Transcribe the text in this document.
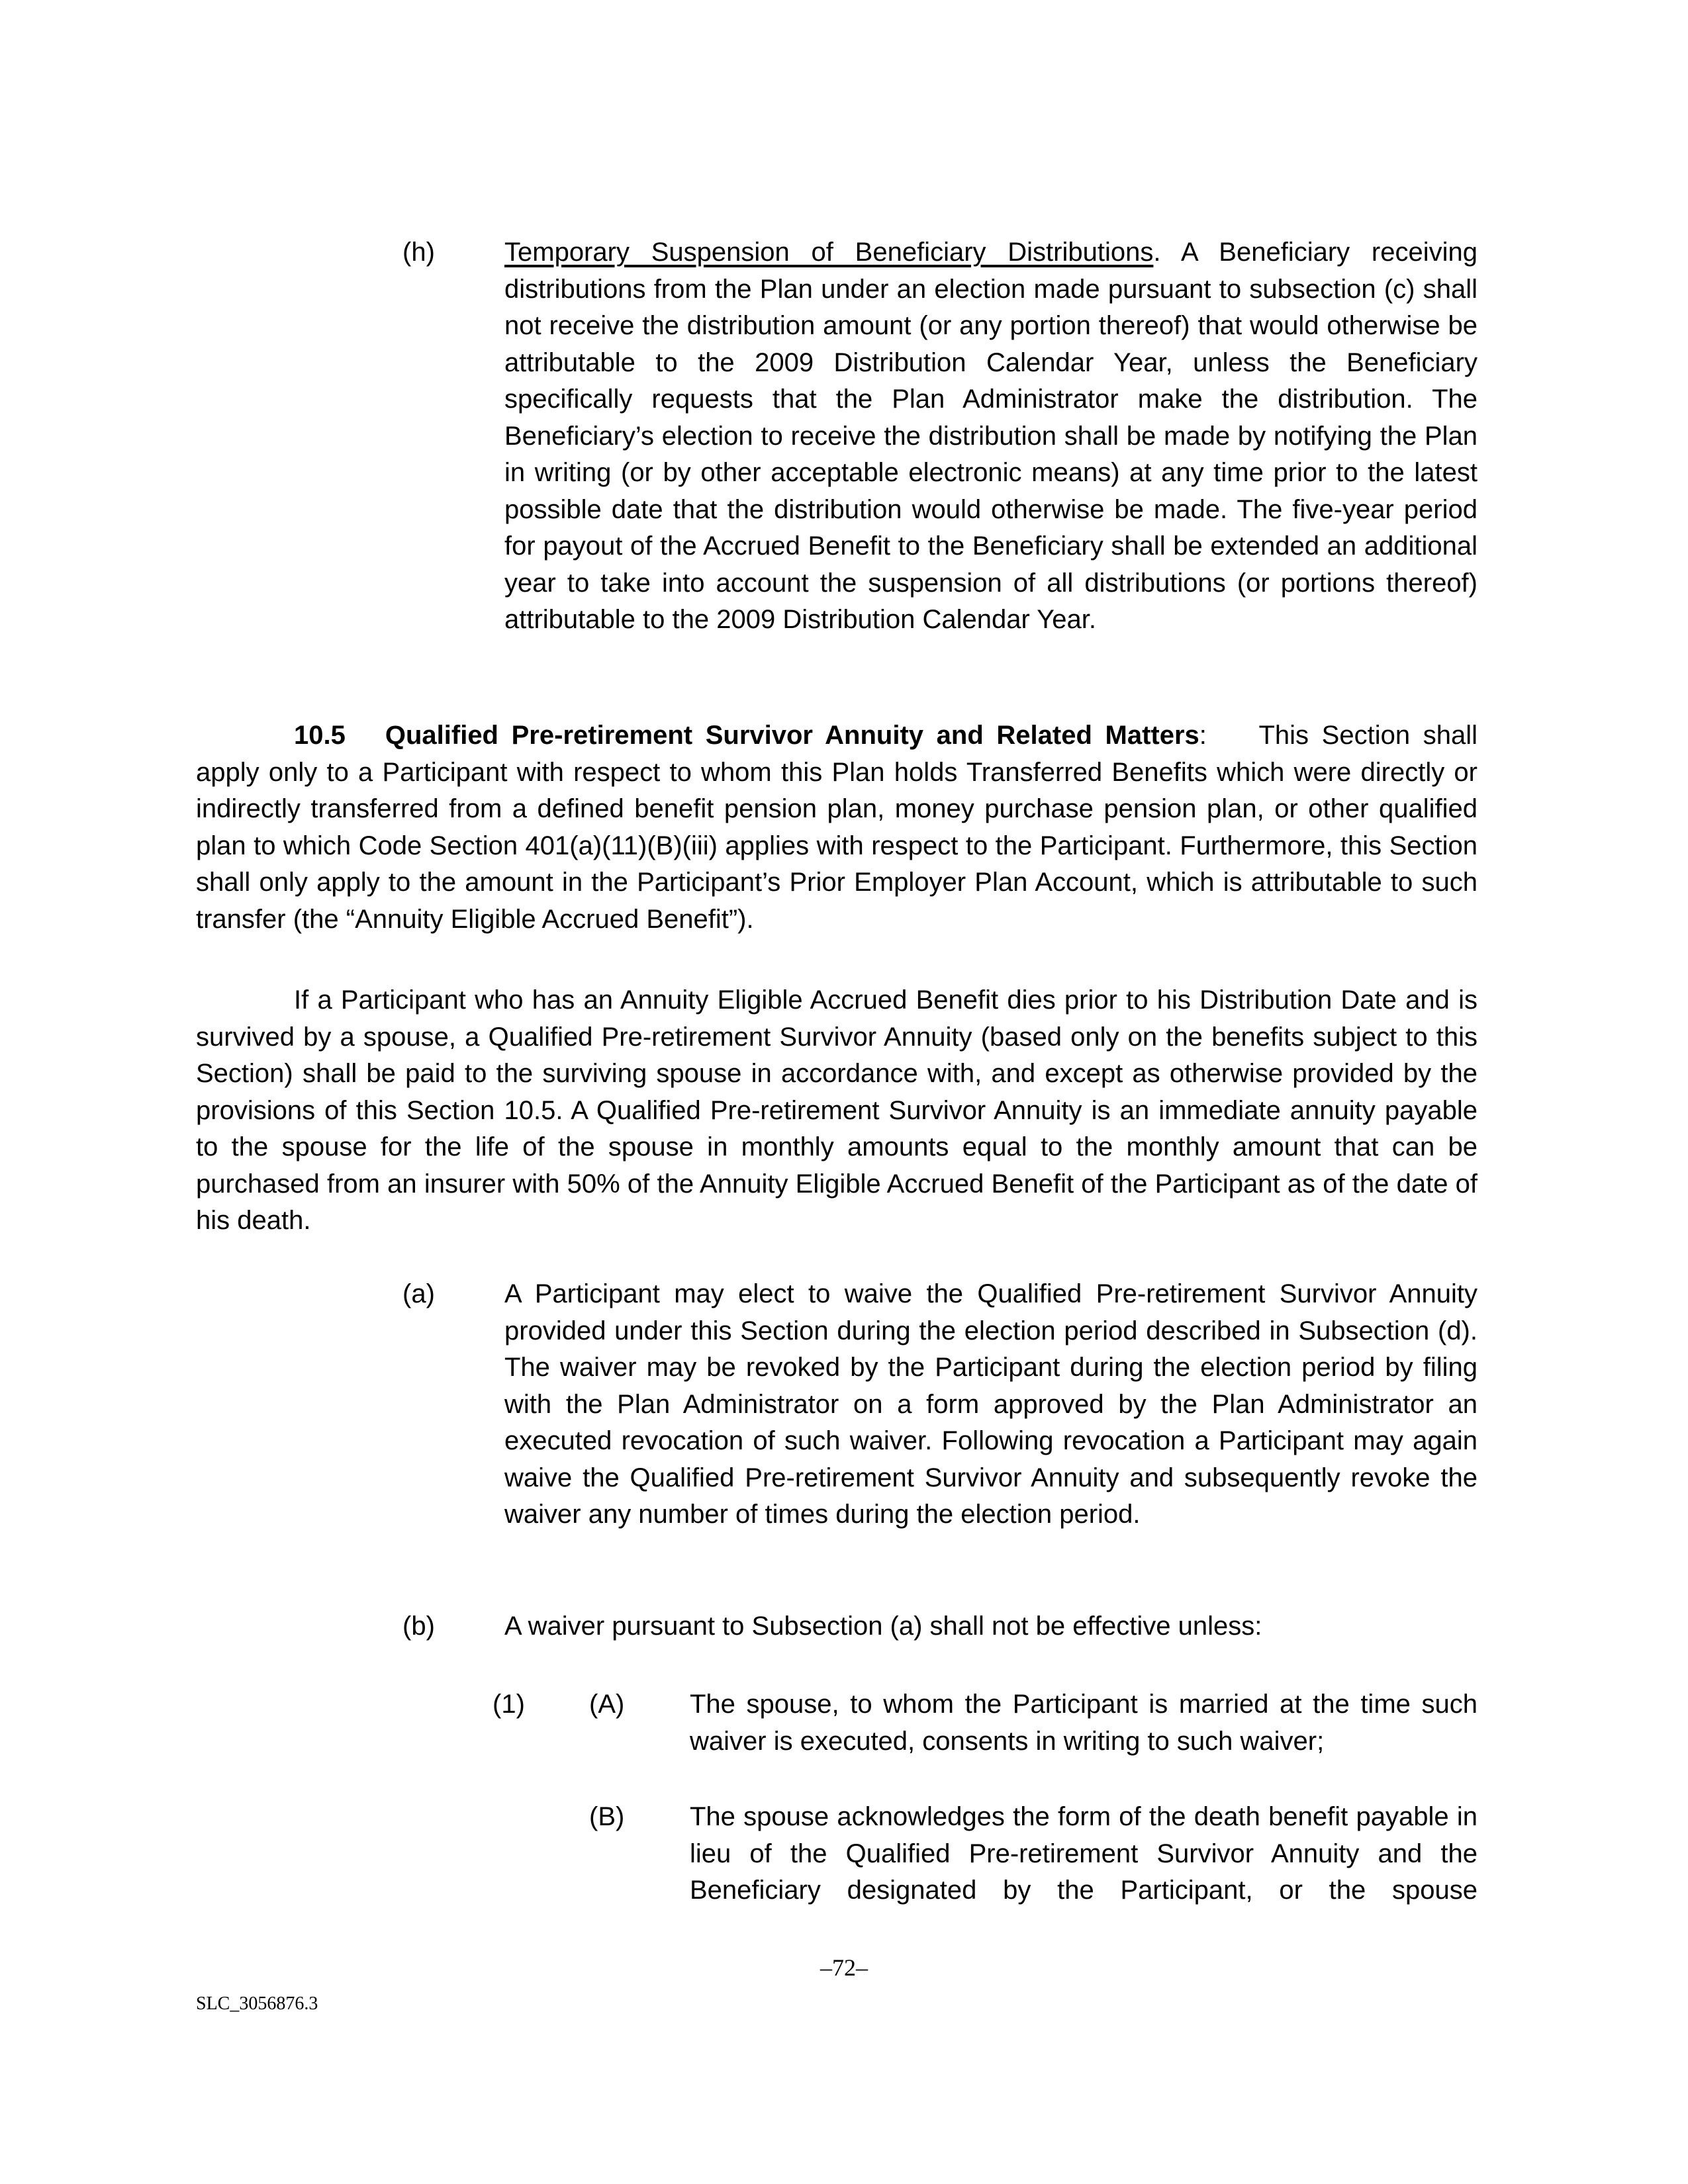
(h)	Temporary Suspension of Beneficiary Distributions. A Beneficiary receiving distributions from the Plan under an election made pursuant to subsection (c) shall not receive the distribution amount (or any portion thereof) that would otherwise be attributable to the 2009 Distribution Calendar Year, unless the Beneficiary specifically requests that the Plan Administrator make the distribution. The Beneficiary’s election to receive the distribution shall be made by notifying the Plan in writing (or by other acceptable electronic means) at any time prior to the latest possible date that the distribution would otherwise be made. The five-year period for payout of the Accrued Benefit to the Beneficiary shall be extended an additional year to take into account the suspension of all distributions (or portions thereof) attributable to the 2009 Distribution Calendar Year.

10.5 Qualified Pre-retirement Survivor Annuity and Related Matters: This Section shall apply only to a Participant with respect to whom this Plan holds Transferred Benefits which were directly or indirectly transferred from a defined benefit pension plan, money purchase pension plan, or other qualified plan to which Code Section 401(a)(11)(B)(iii) applies with respect to the Participant. Furthermore, this Section shall only apply to the amount in the Participant’s Prior Employer Plan Account, which is attributable to such transfer (the “Annuity Eligible Accrued Benefit”).

If a Participant who has an Annuity Eligible Accrued Benefit dies prior to his Distribution Date and is survived by a spouse, a Qualified Pre-retirement Survivor Annuity (based only on the benefits subject to this Section) shall be paid to the surviving spouse in accordance with, and except as otherwise provided by the provisions of this Section 10.5. A Qualified Pre-retirement Survivor Annuity is an immediate annuity payable to the spouse for the life of the spouse in monthly amounts equal to the monthly amount that can be purchased from an insurer with 50% of the Annuity Eligible Accrued Benefit of the Participant as of the date of his death.

(a)	A Participant may elect to waive the Qualified Pre-retirement Survivor Annuity provided under this Section during the election period described in Subsection (d). The waiver may be revoked by the Participant during the election period by filing with the Plan Administrator on a form approved by the Plan Administrator an executed revocation of such waiver. Following revocation a Participant may again waive the Qualified Pre-retirement Survivor Annuity and subsequently revoke the waiver any number of times during the election period.

(b)	A waiver pursuant to Subsection (a) shall not be effective unless:

(1) (A) The spouse, to whom the Participant is married at the time such waiver is executed, consents in writing to such waiver;

(B) The spouse acknowledges the form of the death benefit payable in lieu of the Qualified Pre-retirement Survivor Annuity and the Beneficiary designated by the Participant, or the spouse

–72–
SLC_3056876.3
